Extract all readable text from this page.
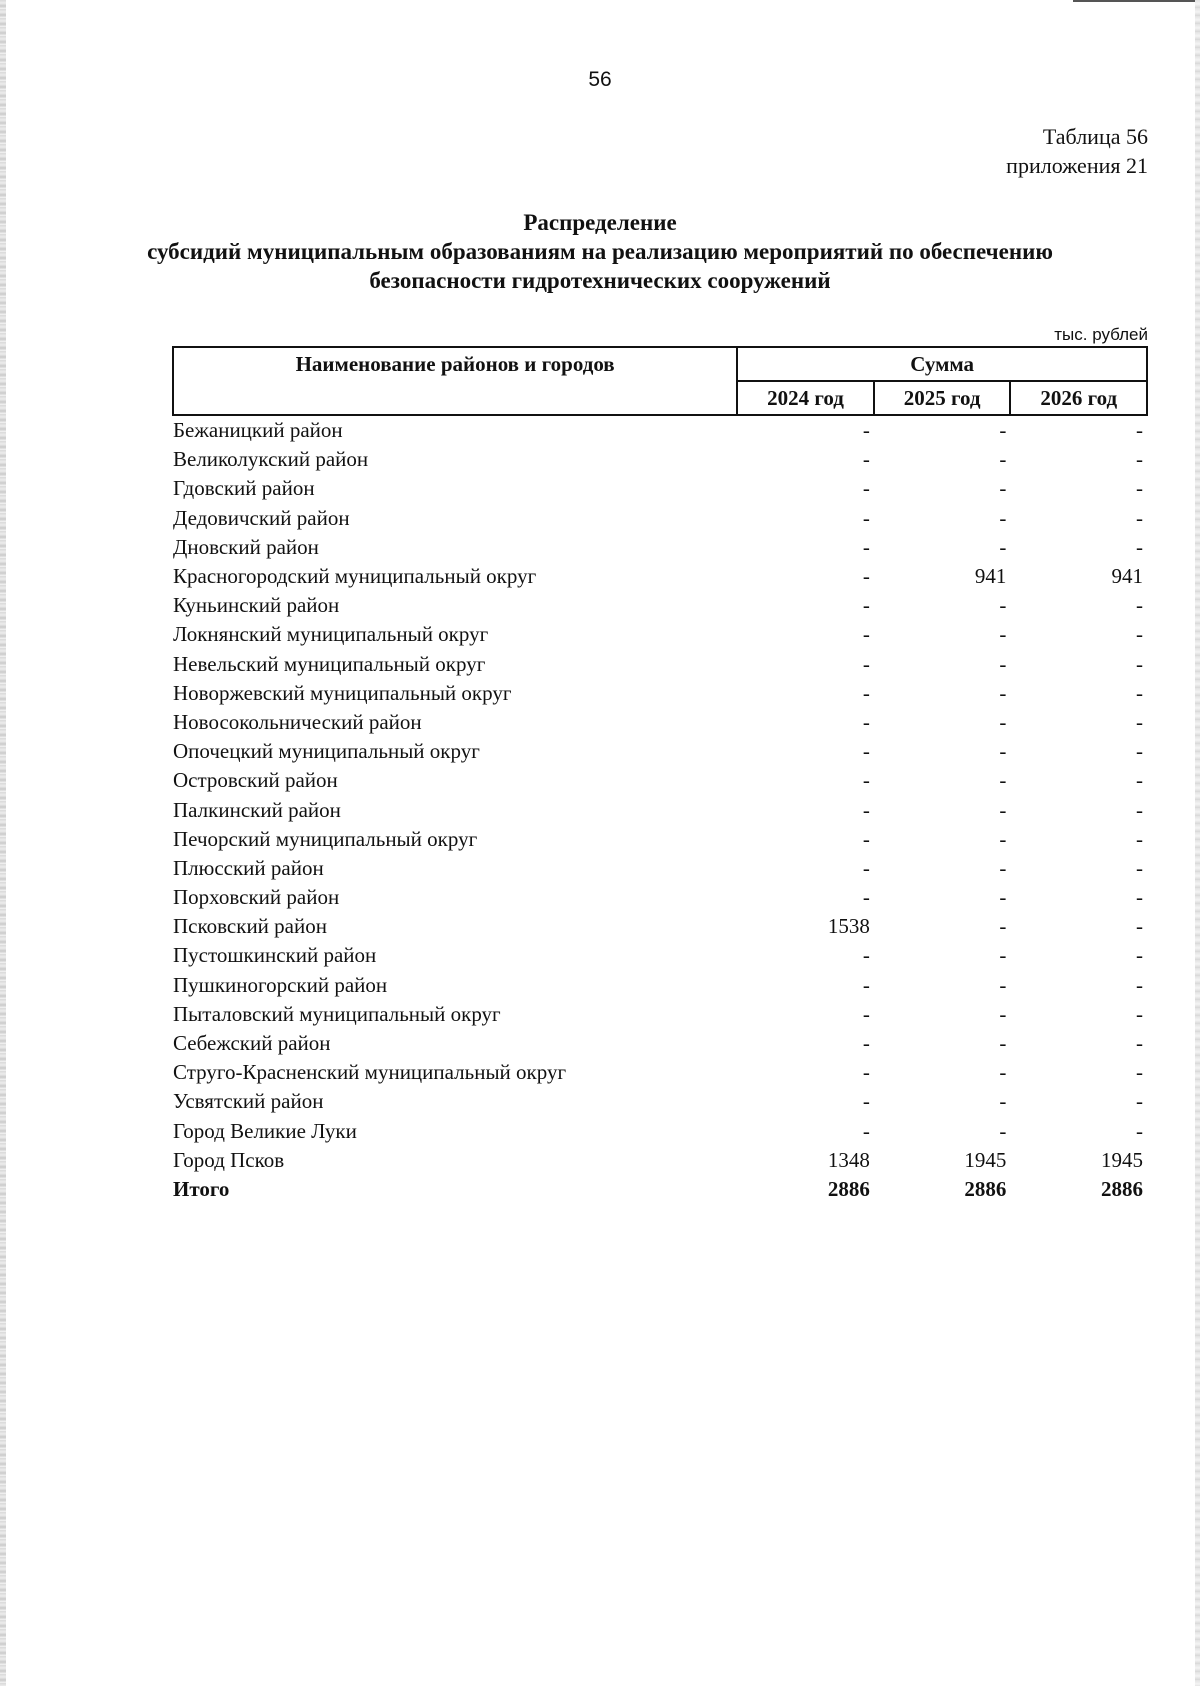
56
Таблица 56
приложения 21
Распределение
субсидий муниципальным образованиям на реализацию мероприятий по обеспечению
безопасности гидротехнических сооружений
тыс. рублей
Наименование районов и городов	Сумма		
	2024 год	2025 год	2026 год
Бежаницкий район	-	-	-
Великолукский район	-	-	-
Гдовский район	-	-	-
Дедовичский район	-	-	-
Дновский район	-	-	-
Красногородский муниципальный округ	-	941	941
Куньинский район	-	-	-
Локнянский муниципальный округ	-	-	-
Невельский муниципальный округ	-	-	-
Новоржевский муниципальный округ	-	-	-
Новосокольнический район	-	-	-
Опочецкий муниципальный округ	-	-	-
Островский район	-	-	-
Палкинский район	-	-	-
Печорский муниципальный округ	-	-	-
Плюсский район	-	-	-
Порховский район	-	-	-
Псковский район	1538	-	-
Пустошкинский район	-	-	-
Пушкиногорский район	-	-	-
Пыталовский муниципальный округ	-	-	-
Себежский район	-	-	-
Струго-Красненский муниципальный округ	-	-	-
Усвятский район	-	-	-
Город Великие Луки	-	-	-
Город Псков	1348	1945	1945
Итого	2886	2886	2886
